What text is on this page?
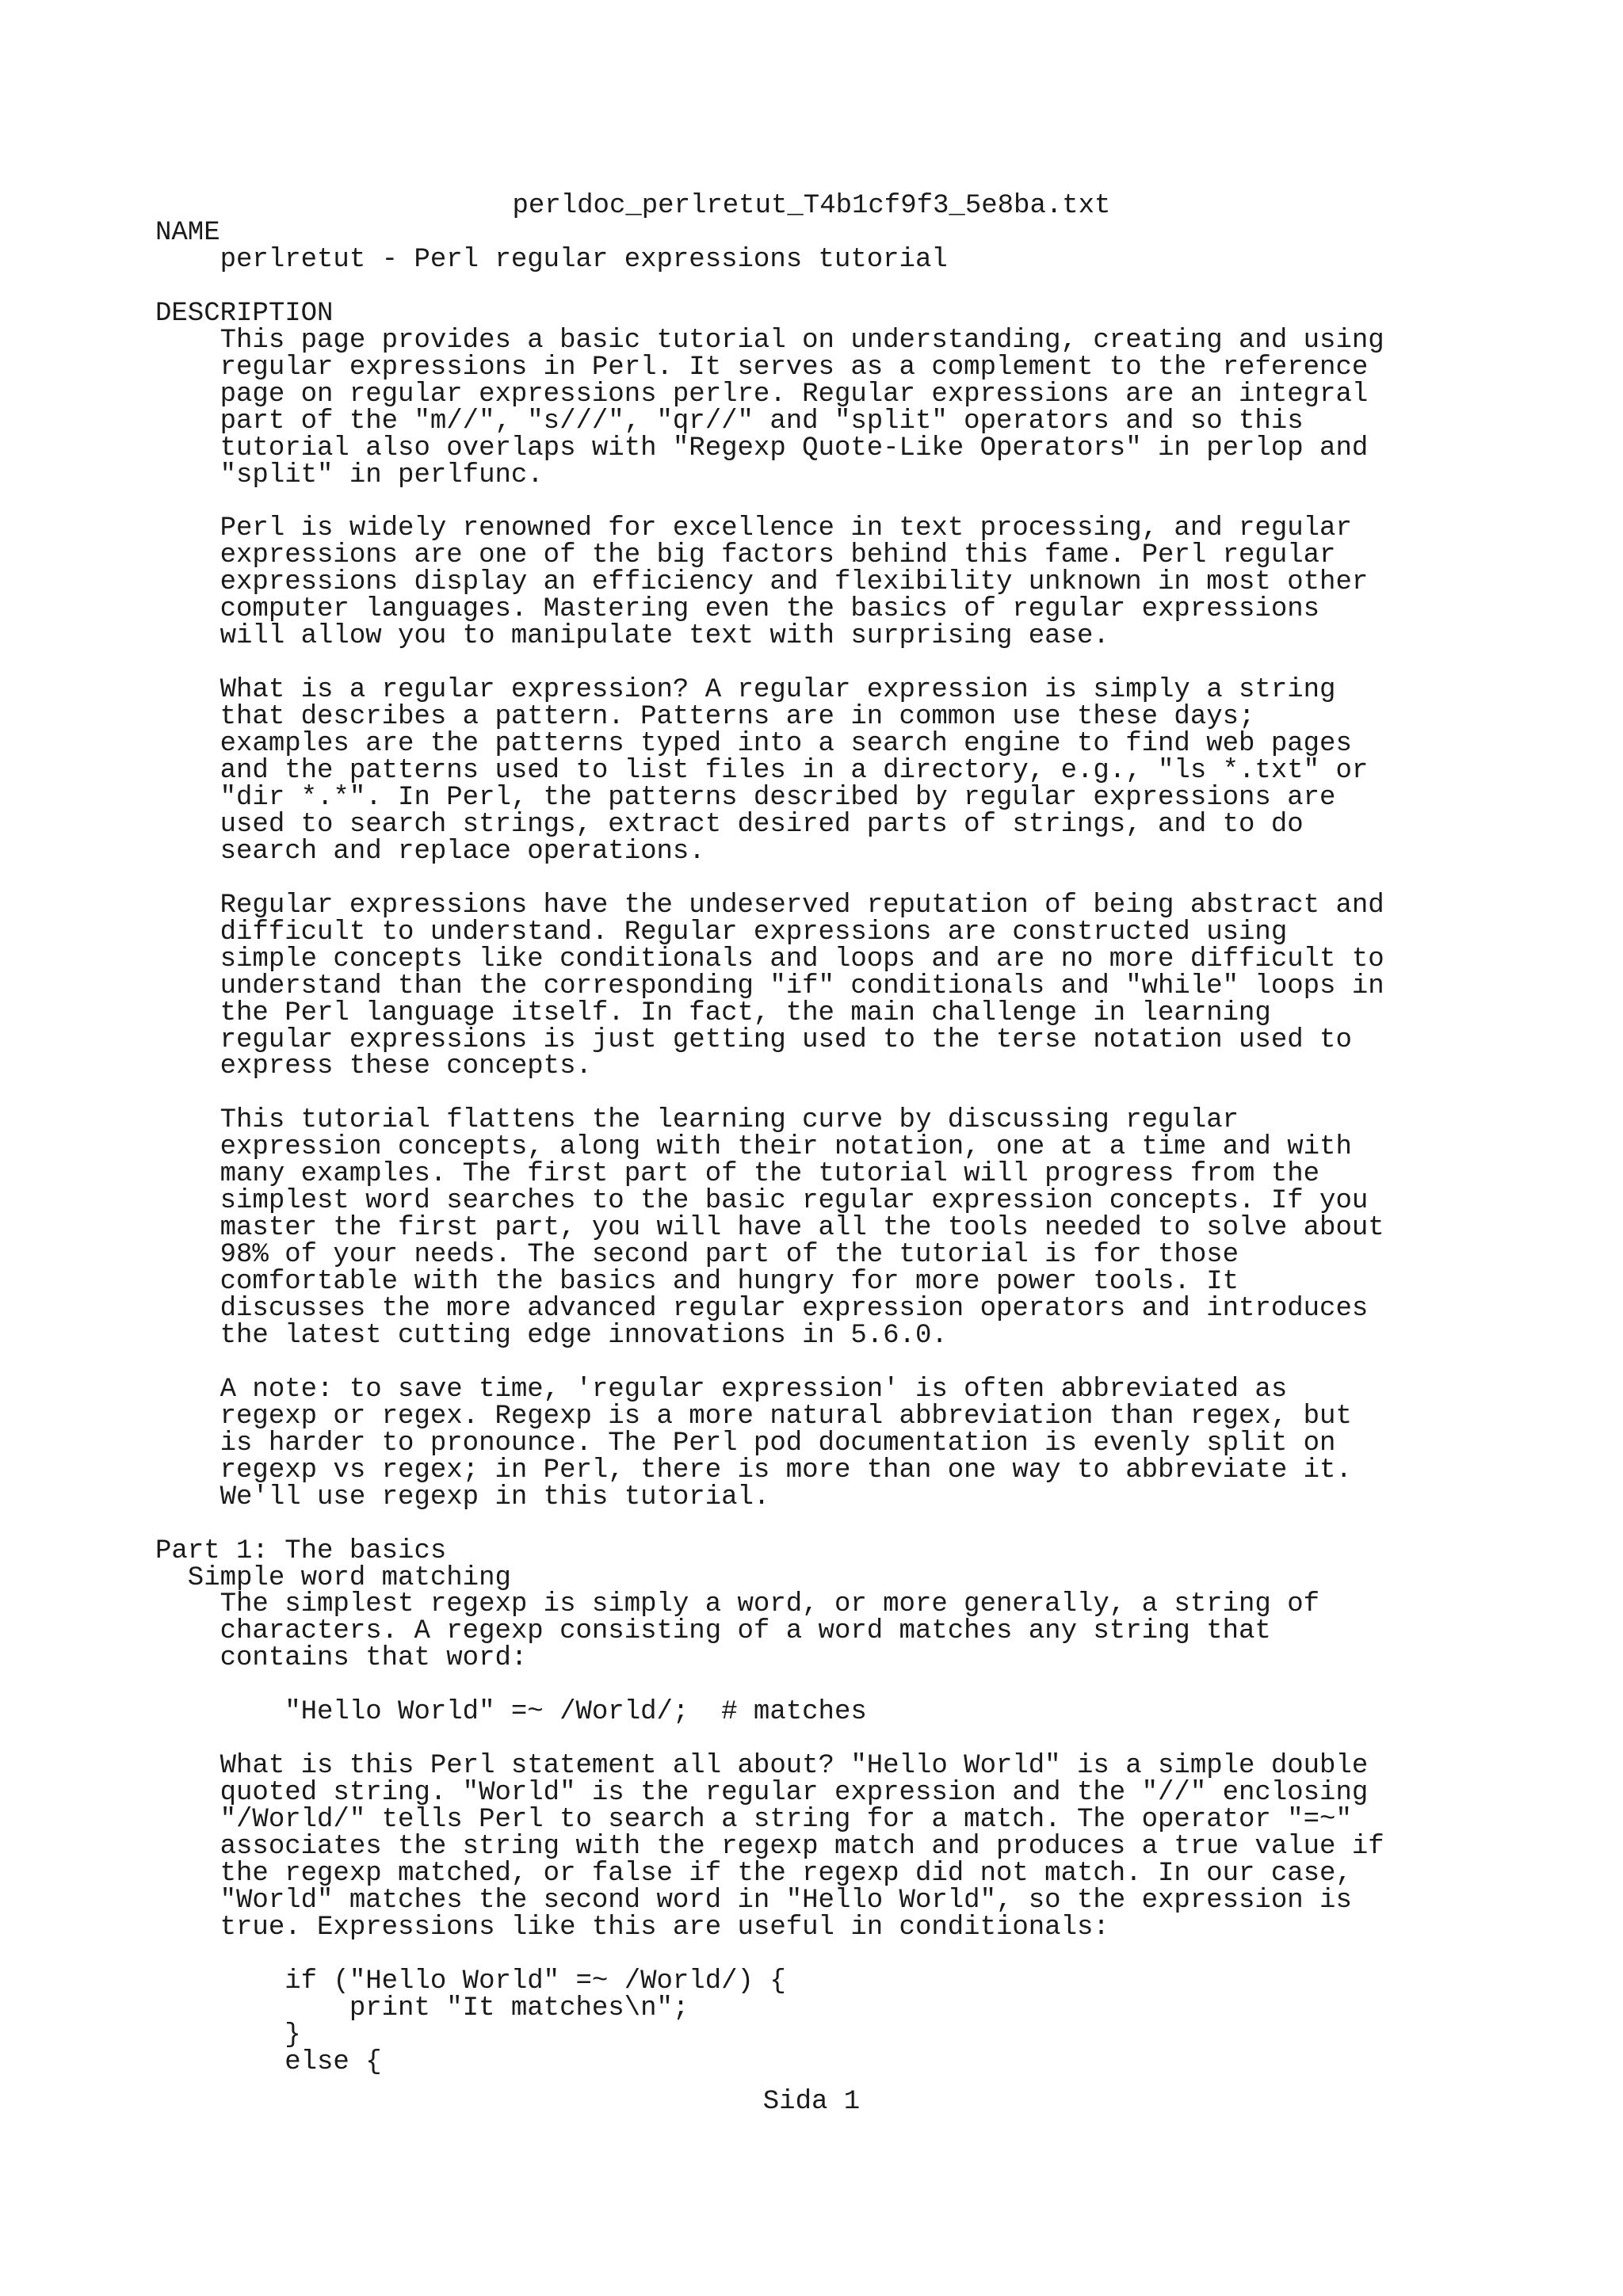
perldoc_perlretut_T4b1cf9f3_5e8ba.txt
NAME
perlretut - Perl regular expressions tutorial
DESCRIPTION
This page provides a basic tutorial on understanding, creating and using
regular expressions in Perl. It serves as a complement to the reference
page on regular expressions perlre. Regular expressions are an integral
part of the "m//", "s///", "qr//" and "split" operators and so this
tutorial also overlaps with "Regexp Quote-Like Operators" in perlop and
"split" in perlfunc.
Perl is widely renowned for excellence in text processing, and regular
expressions are one of the big factors behind this fame. Perl regular
expressions display an efficiency and flexibility unknown in most other
computer languages. Mastering even the basics of regular expressions
will allow you to manipulate text with surprising ease.
What is a regular expression? A regular expression is simply a string
that describes a pattern. Patterns are in common use these days;
examples are the patterns typed into a search engine to find web pages
and the patterns used to list files in a directory, e.g., "ls *.txt" or
"dir *.*". In Perl, the patterns described by regular expressions are
used to search strings, extract desired parts of strings, and to do
search and replace operations.
Regular expressions have the undeserved reputation of being abstract and
difficult to understand. Regular expressions are constructed using
simple concepts like conditionals and loops and are no more difficult to
understand than the corresponding "if" conditionals and "while" loops in
the Perl language itself. In fact, the main challenge in learning
regular expressions is just getting used to the terse notation used to
express these concepts.
This tutorial flattens the learning curve by discussing regular
expression concepts, along with their notation, one at a time and with
many examples. The first part of the tutorial will progress from the
simplest word searches to the basic regular expression concepts. If you
master the first part, you will have all the tools needed to solve about
98% of your needs. The second part of the tutorial is for those
comfortable with the basics and hungry for more power tools. It
discusses the more advanced regular expression operators and introduces
the latest cutting edge innovations in 5.6.0.
A note: to save time, 'regular expression' is often abbreviated as
regexp or regex. Regexp is a more natural abbreviation than regex, but
is harder to pronounce. The Perl pod documentation is evenly split on
regexp vs regex; in Perl, there is more than one way to abbreviate it.
We'll use regexp in this tutorial.
Part 1: The basics
Simple word matching
The simplest regexp is simply a word, or more generally, a string of
characters. A regexp consisting of a word matches any string that
contains that word:
"Hello World" =~ /World/;  # matches
What is this Perl statement all about? "Hello World" is a simple double
quoted string. "World" is the regular expression and the "//" enclosing
"/World/" tells Perl to search a string for a match. The operator "=~"
associates the string with the regexp match and produces a true value if
the regexp matched, or false if the regexp did not match. In our case,
"World" matches the second word in "Hello World", so the expression is
true. Expressions like this are useful in conditionals:
if ("Hello World" =~ /World/) {
print "It matches\n";
}
else {
Sida 1
